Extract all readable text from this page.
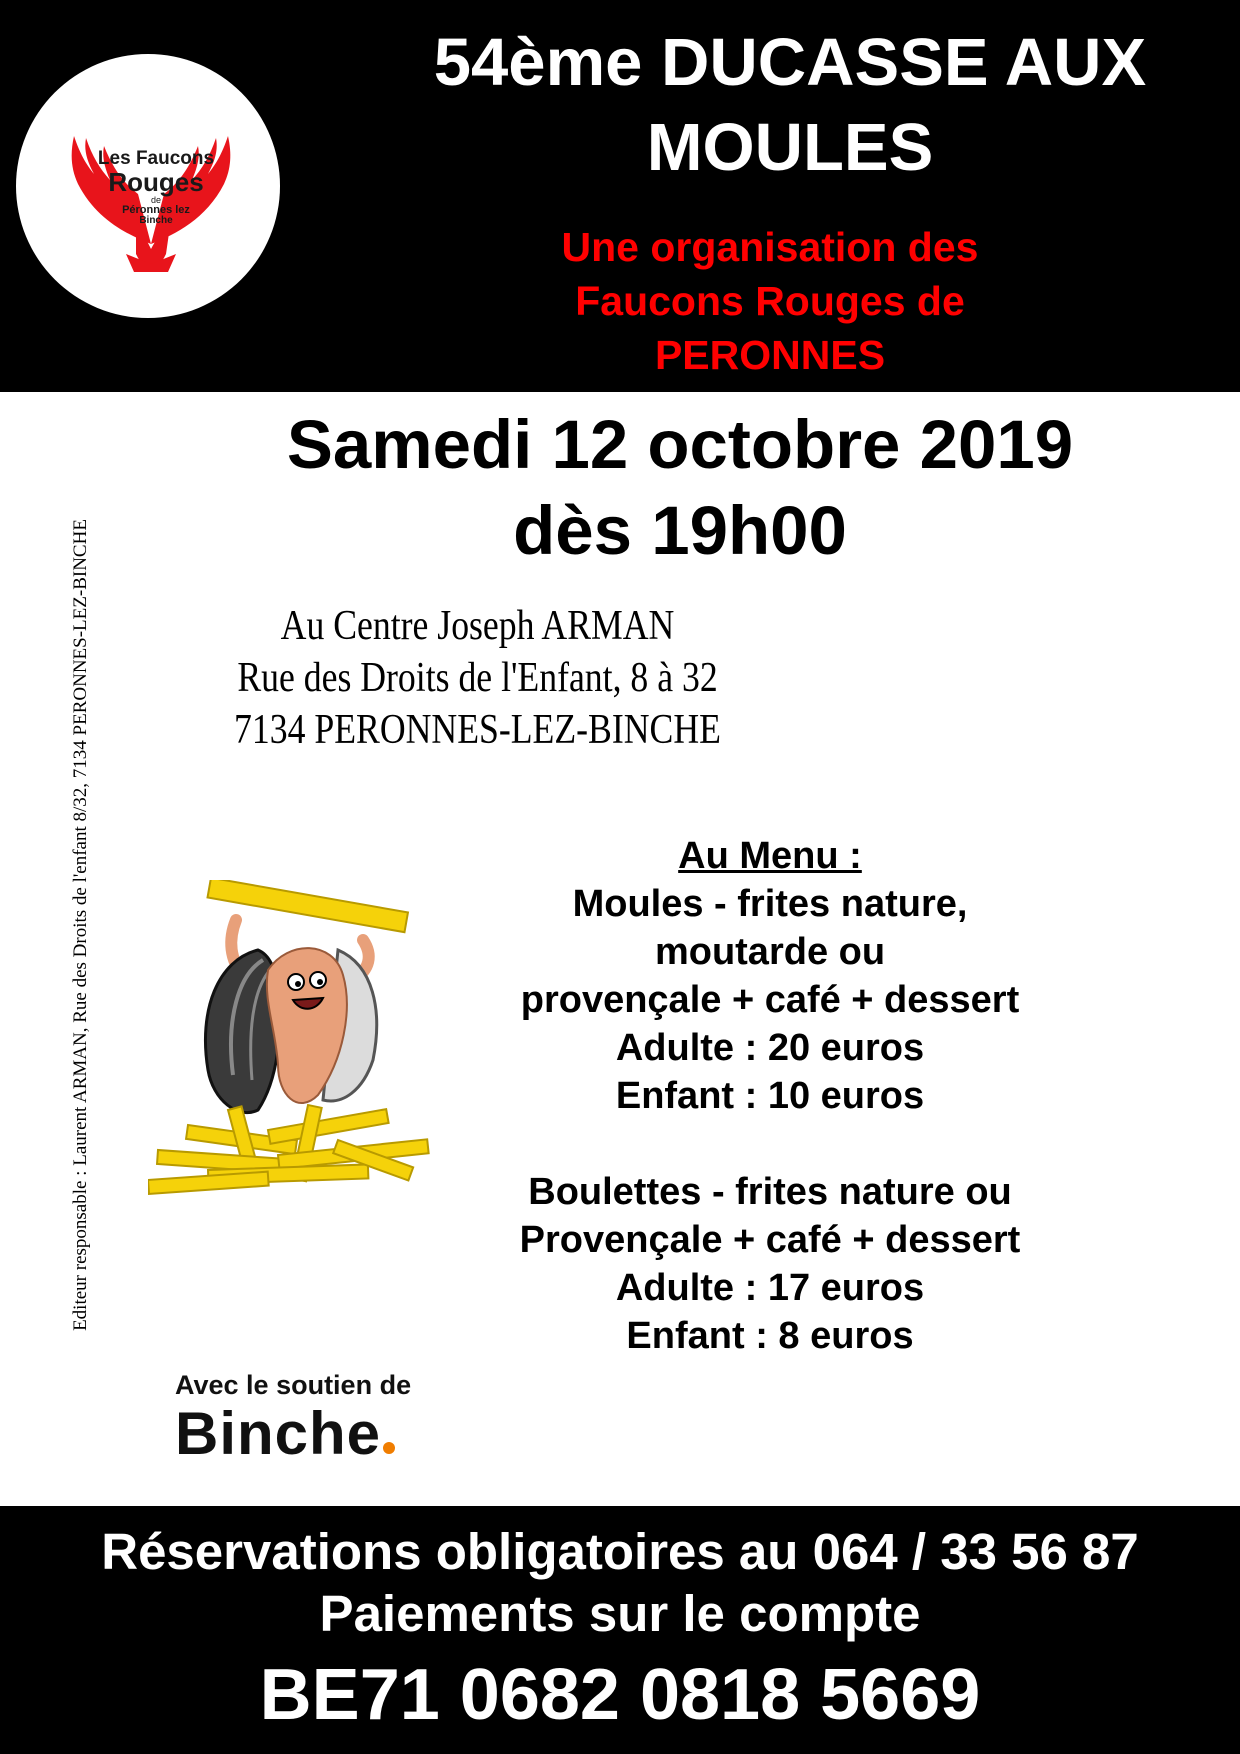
Les Faucons
Rouges
de
Péronnes lez
Binche
54ème DUCASSE AUX
MOULES
Une organisation des
Faucons Rouges de
PERONNES
Samedi 12 octobre 2019
dès 19h00
Au Centre Joseph ARMAN
Rue des Droits de l'Enfant, 8 à 32
7134 PERONNES-LEZ-BINCHE
Editeur responsable : Laurent ARMAN, Rue des Droits de l'enfant 8/32, 7134 PERONNES-LEZ-BINCHE	Au Menu :
Moules - frites nature,
moutarde ou
provençale + café + dessert
Adulte : 20 euros
Enfant : 10 euros
Boulettes - frites nature ou
Provençale + café + dessert
Adulte : 17 euros
Enfant : 8 euros
Avec le soutien de
Binche
Réservations obligatoires au 064 / 33 56 87
Paiements sur le compte
BE71 0682 0818 5669
